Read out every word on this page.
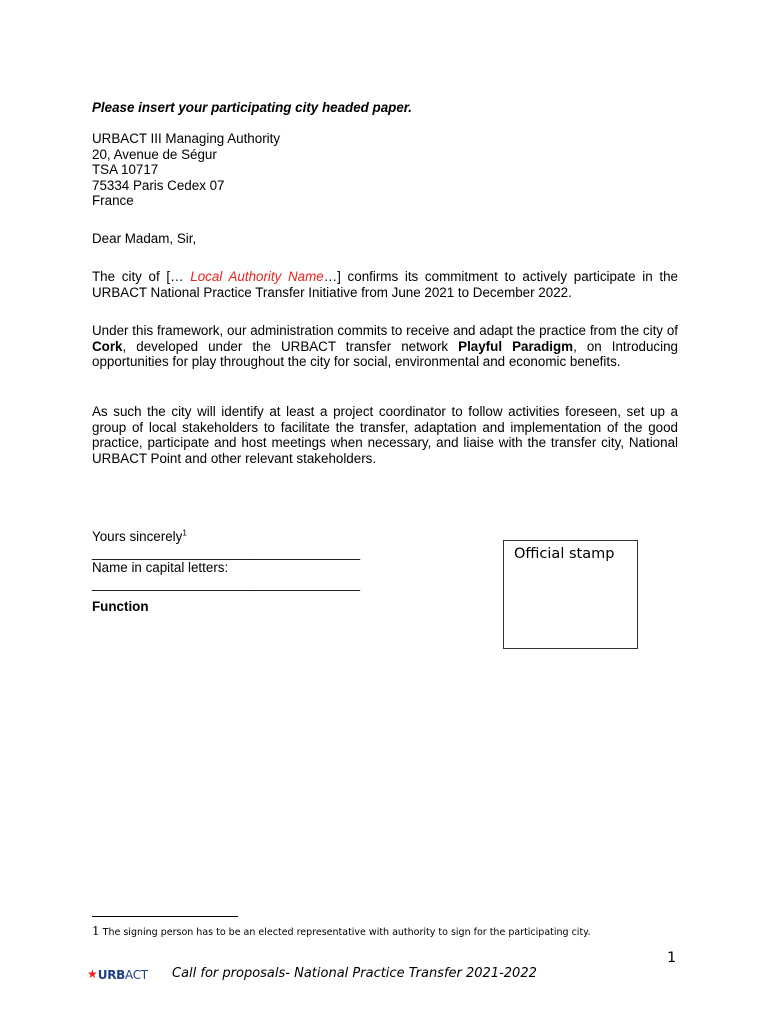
Please insert your participating city headed paper.
URBACT III Managing Authority
20, Avenue de Ségur
TSA 10717
75334 Paris Cedex 07
France
Dear Madam, Sir,
The city of [… Local Authority Name…] confirms its commitment to actively participate in the URBACT National Practice Transfer Initiative from June 2021 to December 2022.
Under this framework, our administration commits to receive and adapt the practice from the city of Cork, developed under the URBACT transfer network Playful Paradigm, on Introducing opportunities for play throughout the city for social, environmental and economic benefits.
As such the city will identify at least a project coordinator to follow activities foreseen, set up a group of local stakeholders to facilitate the transfer, adaptation and implementation of the good practice, participate and host meetings when necessary, and liaise with the transfer city, National URBACT Point and other relevant stakeholders.
Yours sincerely$^1$
____________________________________
Name in capital letters:
____________________________________
Function
Official stamp
1 The signing person has to be an elected representative with authority to sign for the participating city.
1
★URBACT Call for proposals- National Practice Transfer 2021-2022
